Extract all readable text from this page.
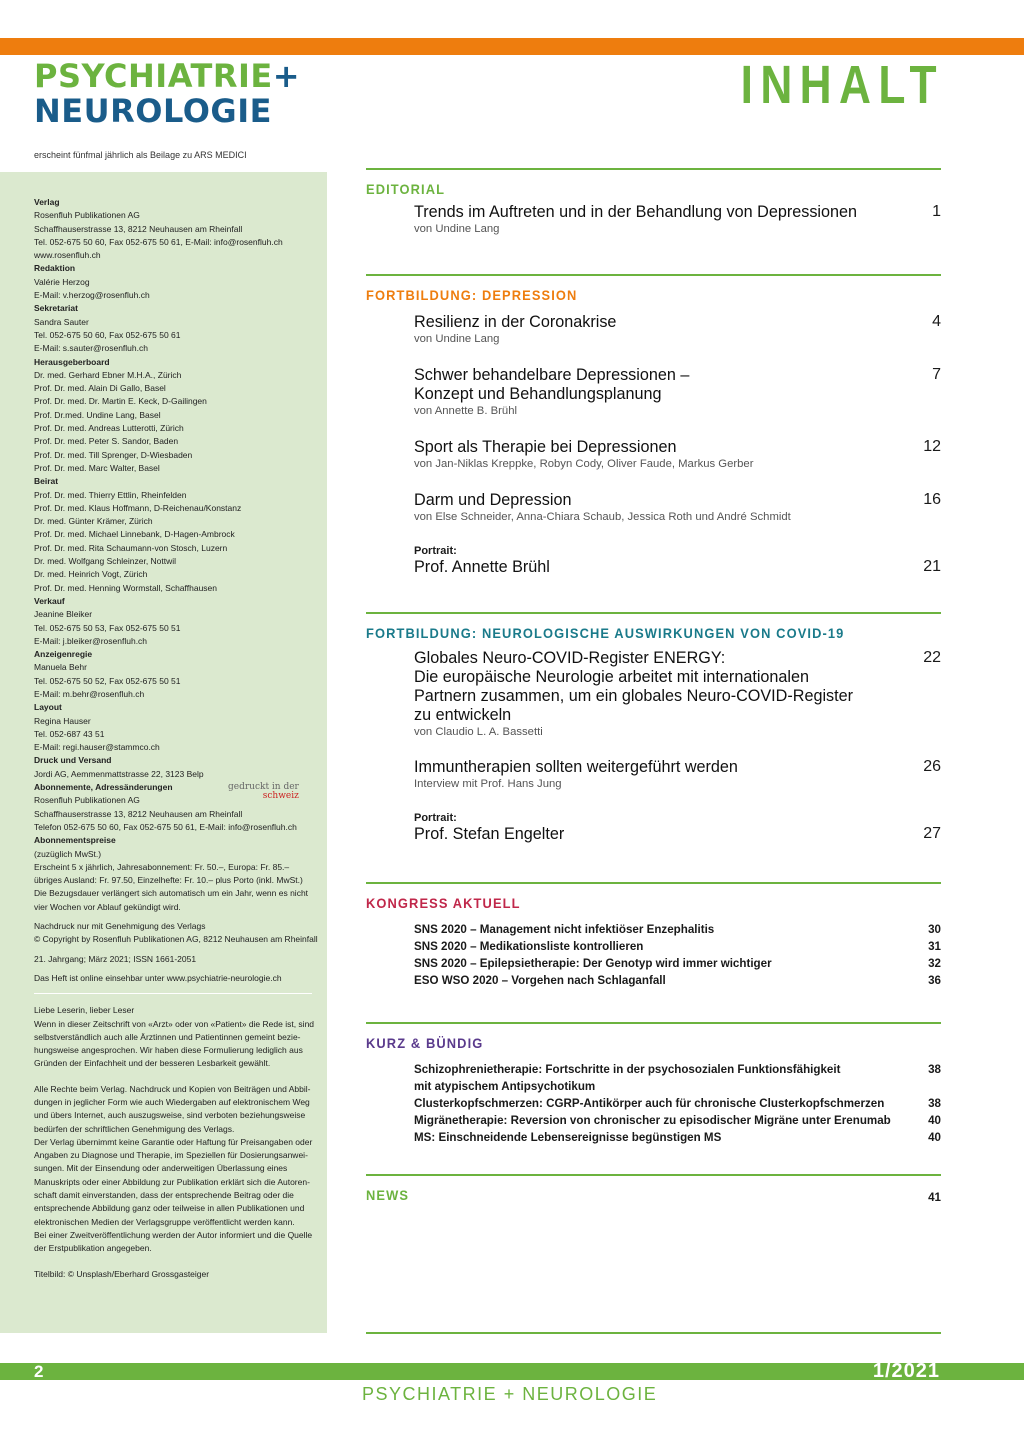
PSYCHIATRIE+
NEUROLOGIE
erscheint fünfmal jährlich als Beilage zu ARS MEDICI
INHALT
Verlag
Rosenfluh Publikationen AG
Schaffhauserstrasse 13, 8212 Neuhausen am Rheinfall
Tel. 052-675 50 60, Fax 052-675 50 61, E-Mail: info@rosenfluh.ch
www.rosenfluh.ch
Redaktion
Valérie Herzog
E-Mail: v.herzog@rosenfluh.ch
Sekretariat
Sandra Sauter
Tel. 052-675 50 60, Fax 052-675 50 61
E-Mail: s.sauter@rosenfluh.ch
Herausgeberboard
Dr. med. Gerhard Ebner M.H.A., Zürich
Prof. Dr. med. Alain Di Gallo, Basel
Prof. Dr. med. Dr. Martin E. Keck, D-Gailingen
Prof. Dr.med. Undine Lang, Basel
Prof. Dr. med. Andreas Lutterotti, Zürich
Prof. Dr. med. Peter S. Sandor, Baden
Prof. Dr. med. Till Sprenger, D-Wiesbaden
Prof. Dr. med. Marc Walter, Basel
Beirat
Prof. Dr. med. Thierry Ettlin, Rheinfelden
Prof. Dr. med. Klaus Hoffmann, D-Reichenau/Konstanz
Dr. med. Günter Krämer, Zürich
Prof. Dr. med. Michael Linnebank, D-Hagen-Ambrock
Prof. Dr. med. Rita Schaumann-von Stosch, Luzern
Dr. med. Wolfgang Schleinzer, Nottwil
Dr. med. Heinrich Vogt, Zürich
Prof. Dr. med. Henning Wormstall, Schaffhausen
Verkauf
Jeanine Bleiker
Tel. 052-675 50 53, Fax 052-675 50 51
E-Mail: j.bleiker@rosenfluh.ch
Anzeigenregie
Manuela Behr
Tel. 052-675 50 52, Fax 052-675 50 51
E-Mail: m.behr@rosenfluh.ch
Layout
Regina Hauser
Tel. 052-687 43 51
E-Mail: regi.hauser@stammco.ch
Druck und Versand
Jordi AG, Aemmenmattstrasse 22, 3123 Belp
Abonnemente, Adressänderungen
Rosenfluh Publikationen AG
Schaffhauserstrasse 13, 8212 Neuhausen am Rheinfall
Telefon 052-675 50 60, Fax 052-675 50 61, E-Mail: info@rosenfluh.ch
Abonnementspreise
(zuzüglich MwSt.)
Erscheint 5 x jährlich, Jahresabonnement: Fr. 50.–, Europa: Fr. 85.–
übriges Ausland: Fr. 97.50, Einzelhefte: Fr. 10.– plus Porto (inkl. MwSt.)
Die Bezugsdauer verlängert sich automatisch um ein Jahr, wenn es nicht
vier Wochen vor Ablauf gekündigt wird.
Nachdruck nur mit Genehmigung des Verlags
© Copyright by Rosenfluh Publikationen AG, 8212 Neuhausen am Rheinfall
21. Jahrgang; März 2021; ISSN 1661-2051
Das Heft ist online einsehbar unter www.psychiatrie-neurologie.ch
Liebe Leserin, lieber Leser
Wenn in dieser Zeitschrift von «Arzt» oder von «Patient» die Rede ist, sind
selbstverständlich auch alle Ärztinnen und Patientinnen gemeint bezie-
hungsweise angesprochen. Wir haben diese Formulierung lediglich aus
Gründen der Einfachheit und der besseren Lesbarkeit gewählt.
Alle Rechte beim Verlag. Nachdruck und Kopien von Beiträgen und Abbil-
dungen in jeglicher Form wie auch Wiedergaben auf elektronischem Weg
und übers Internet, auch auszugsweise, sind verboten beziehungsweise
bedürfen der schriftlichen Genehmigung des Verlags.
Der Verlag übernimmt keine Garantie oder Haftung für Preisangaben oder
Angaben zu Diagnose und Therapie, im Speziellen für Dosierungsanwei-
sungen. Mit der Einsendung oder anderweitigen Überlassung eines
Manuskripts oder einer Abbildung zur Publikation erklärt sich die Autoren-
schaft damit einverstanden, dass der entsprechende Beitrag oder die
entsprechende Abbildung ganz oder teilweise in allen Publikationen und
elektronischen Medien der Verlagsgruppe veröffentlicht werden kann.
Bei einer Zweitveröffentlichung werden der Autor informiert und die Quelle
der Erstpublikation angegeben.
Titelbild: © Unsplash/Eberhard Grossgasteiger
gedruckt in der
schweiz
EDITORIAL
Trends im Auftreten und in der Behandlung von Depressionen
von Undine Lang
1
FORTBILDUNG: DEPRESSION
Resilienz in der Coronakrise
von Undine Lang
4
Schwer behandelbare Depressionen –
Konzept und Behandlungsplanung
von Annette B. Brühl
7
Sport als Therapie bei Depressionen
von Jan-Niklas Kreppke, Robyn Cody, Oliver Faude, Markus Gerber
12
Darm und Depression
von Else Schneider, Anna-Chiara Schaub, Jessica Roth und André Schmidt
16
Portrait:
Prof. Annette Brühl	21
FORTBILDUNG: NEUROLOGISCHE AUSWIRKUNGEN VON COVID-19
Globales Neuro-COVID-Register ENERGY:
Die europäische Neurologie arbeitet mit internationalen
Partnern zusammen, um ein globales Neuro-COVID-Register
zu entwickeln
von Claudio L. A. Bassetti
22
Immuntherapien sollten weitergeführt werden
Interview mit Prof. Hans Jung
26
Portrait:
Prof. Stefan Engelter	27
KONGRESS AKTUELL
SNS 2020 – Management nicht infektiöser Enzephalitis	30
SNS 2020 – Medikationsliste kontrollieren	31
SNS 2020 – Epilepsietherapie: Der Genotyp wird immer wichtiger	32
ESO WSO 2020 – Vorgehen nach Schlaganfall	36
KURZ & BÜNDIG
Schizophrenietherapie: Fortschritte in der psychosozialen Funktionsfähigkeit
mit atypischem Antipsychotikum
38
Clusterkopfschmerzen: CGRP-Antikörper auch für chronische Clusterkopfschmerzen	38
Migränetherapie: Reversion von chronischer zu episodischer Migräne unter Erenumab	40
MS: Einschneidende Lebensereignisse begünstigen MS	40
NEWS	41
2	1/2021
PSYCHIATRIE + NEUROLOGIE
